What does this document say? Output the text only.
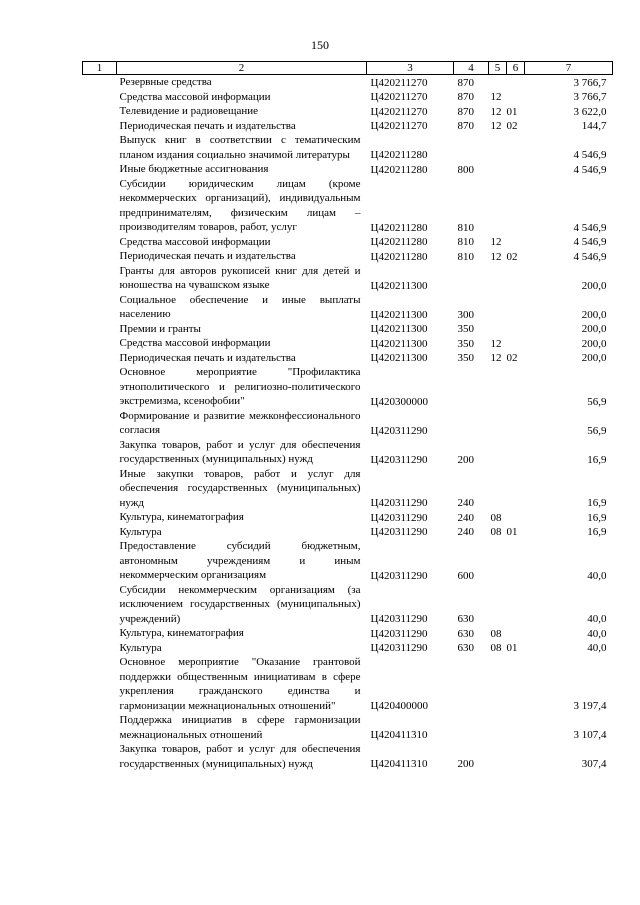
150
1	2	3	4	5	6	7
	Резервные средства	Ц420211270	870			3 766,7
	Средства массовой информации	Ц420211270	870	12		3 766,7
	Телевидение и радиовещание	Ц420211270	870	12	01	3 622,0
	Периодическая печать и издательства	Ц420211270	870	12	02	144,7
	Выпуск книг в соответствии с тематическим планом издания социально значимой литературы	Ц420211280				4 546,9
	Иные бюджетные ассигнования	Ц420211280	800			4 546,9
	Субсидии юридическим лицам (кроме некоммерческих организаций), индивидуальным предпринимателям, физическим лицам – производителям товаров, работ, услуг	Ц420211280	810			4 546,9
	Средства массовой информации	Ц420211280	810	12		4 546,9
	Периодическая печать и издательства	Ц420211280	810	12	02	4 546,9
	Гранты для авторов рукописей книг для детей и юношества на чувашском языке	Ц420211300				200,0
	Социальное обеспечение и иные выплаты населению	Ц420211300	300			200,0
	Премии и гранты	Ц420211300	350			200,0
	Средства массовой информации	Ц420211300	350	12		200,0
	Периодическая печать и издательства	Ц420211300	350	12	02	200,0
	Основное мероприятие "Профилактика этнополитического и религиозно-политического экстремизма, ксенофобии"	Ц420300000				56,9
	Формирование и развитие межконфессионального согласия	Ц420311290				56,9
	Закупка товаров, работ и услуг для обеспечения государственных (муниципальных) нужд	Ц420311290	200			16,9
	Иные закупки товаров, работ и услуг для обеспечения государственных (муниципальных) нужд	Ц420311290	240			16,9
	Культура, кинематография	Ц420311290	240	08		16,9
	Культура	Ц420311290	240	08	01	16,9
	Предоставление субсидий бюджетным, автономным учреждениям и иным некоммерческим организациям	Ц420311290	600			40,0
	Субсидии некоммерческим организациям (за исключением государственных (муниципальных) учреждений)	Ц420311290	630			40,0
	Культура, кинематография	Ц420311290	630	08		40,0
	Культура	Ц420311290	630	08	01	40,0
	Основное мероприятие "Оказание грантовой поддержки общественным инициативам в сфере укрепления гражданского единства и гармонизации межнациональных отношений"	Ц420400000				3 197,4
	Поддержка инициатив в сфере гармонизации межнациональных отношений	Ц420411310				3 107,4
	Закупка товаров, работ и услуг для обеспечения государственных (муниципальных) нужд	Ц420411310	200			307,4
